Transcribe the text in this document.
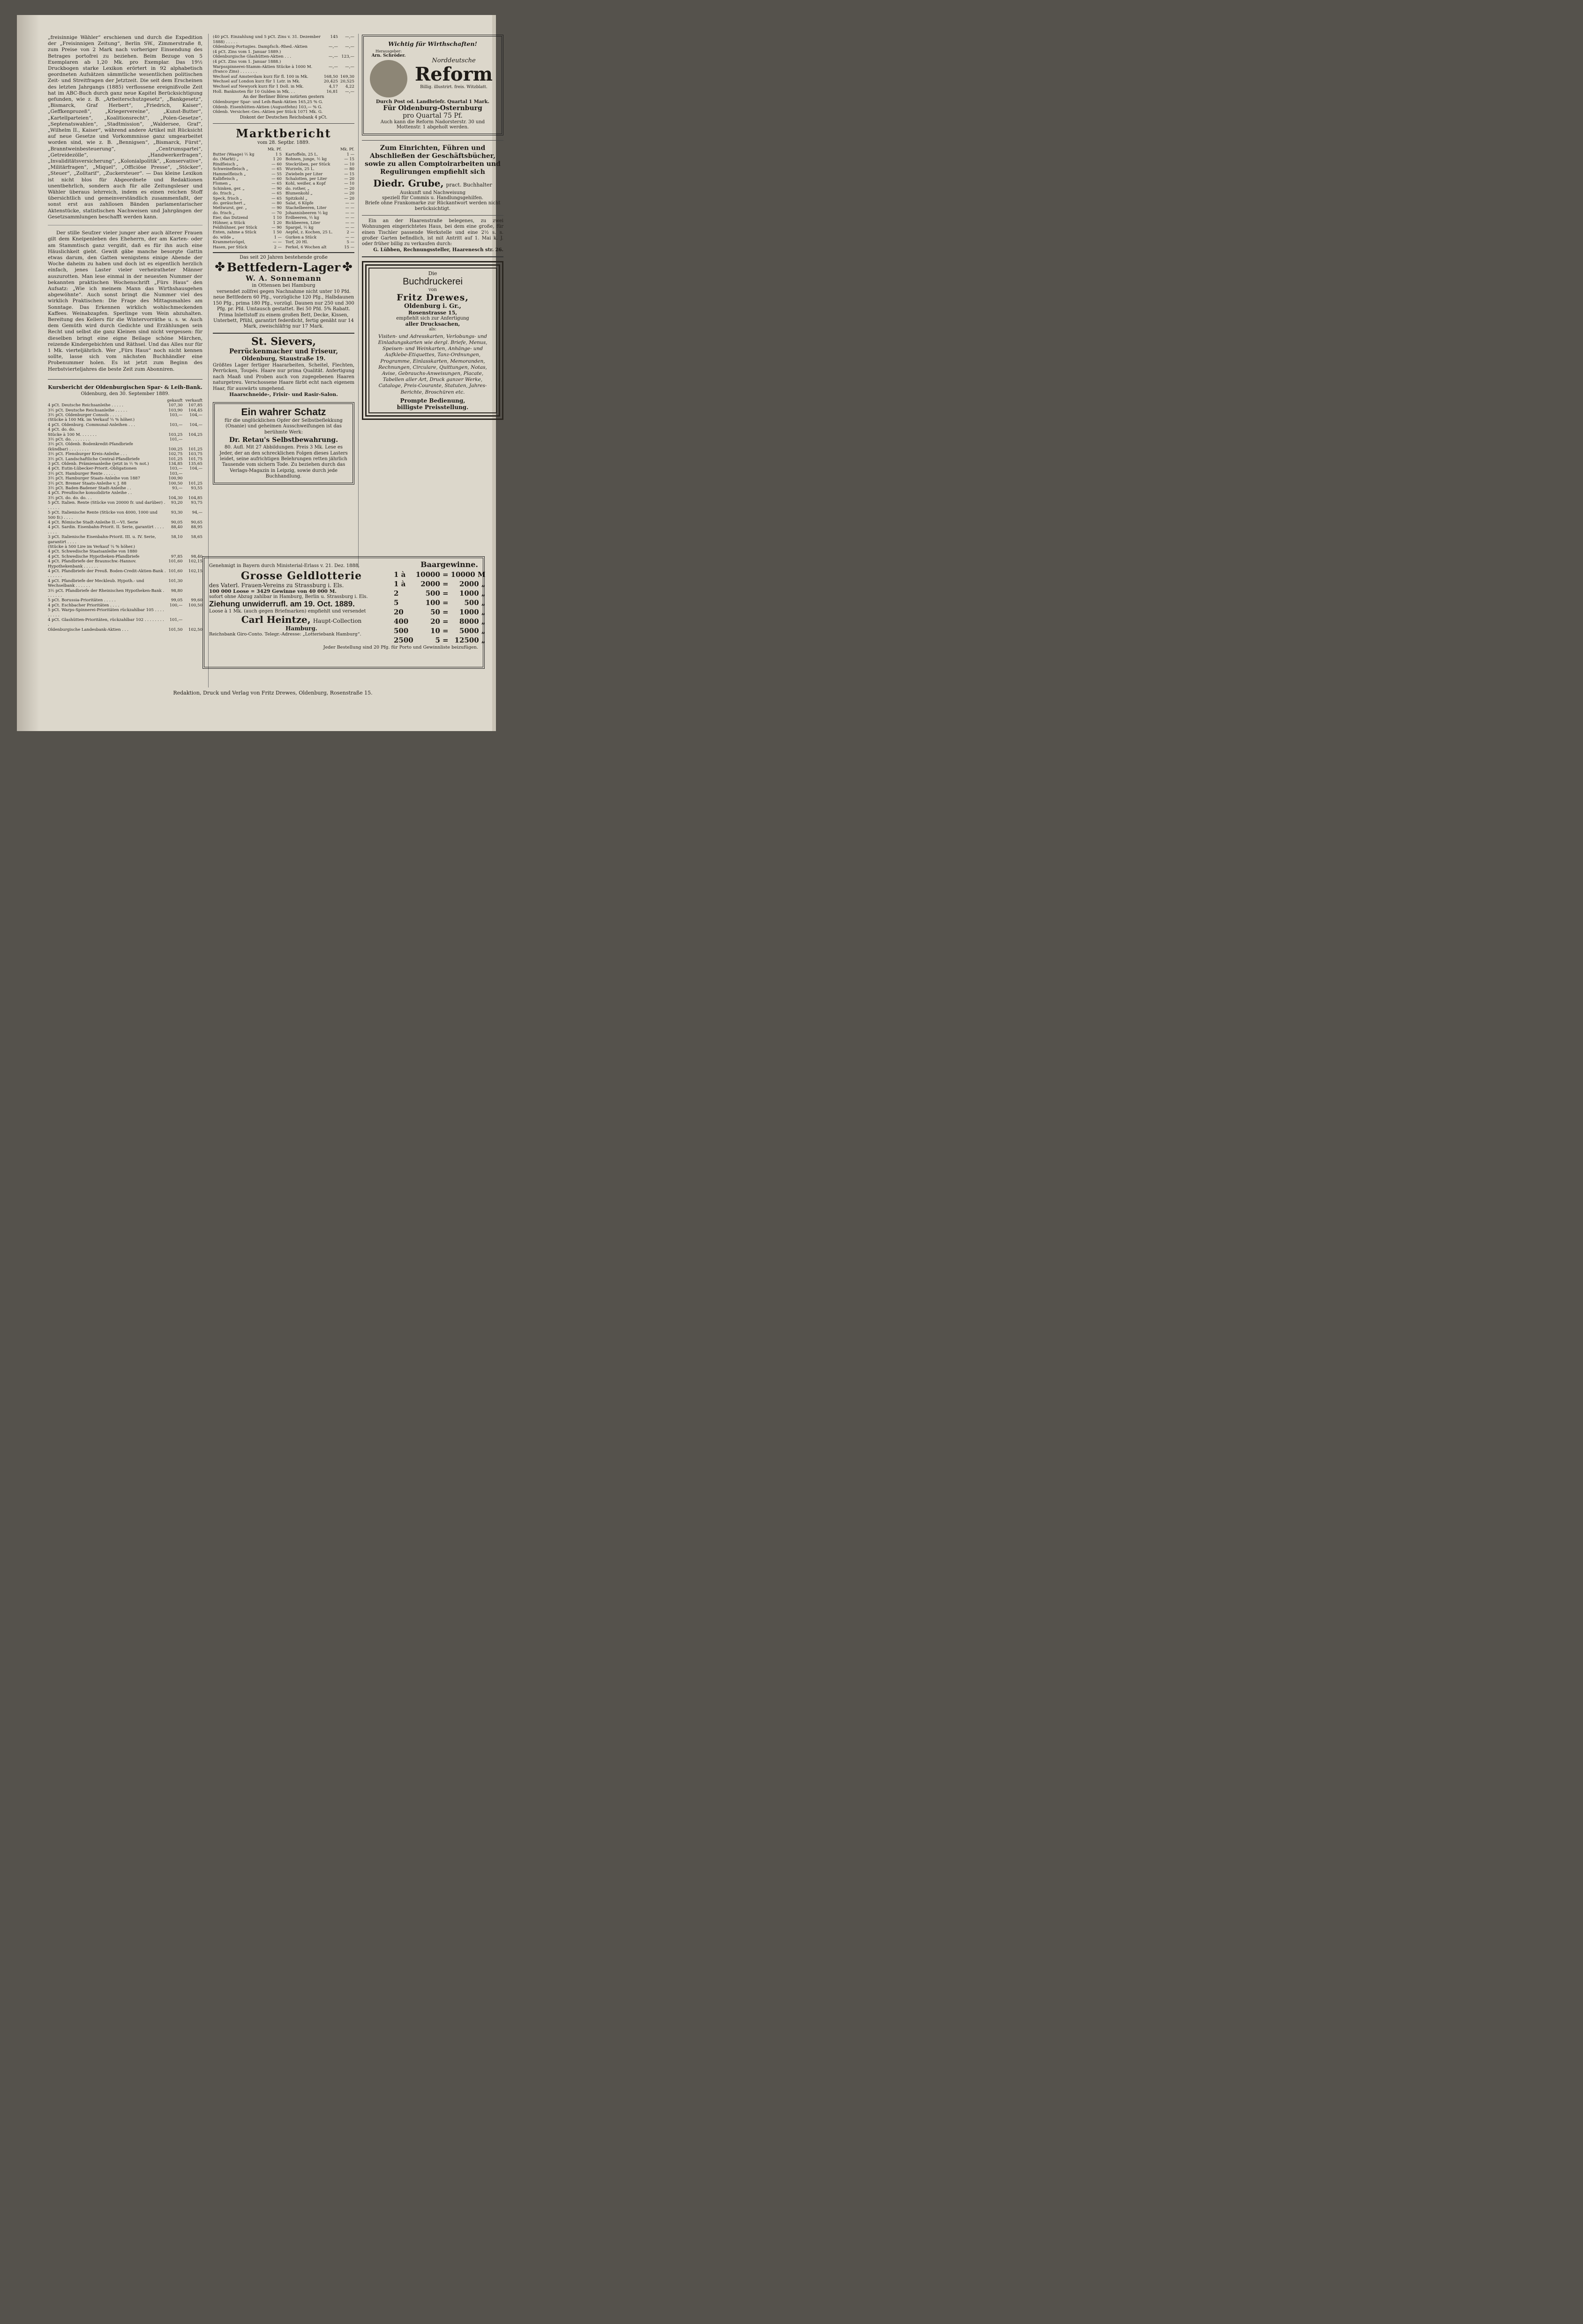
„freisinnige Wähler“ erschienen und durch die Expedition der „Freisinnigen Zeitung“, Berlin SW., Zimmerstraße 8, zum Preise von 2 Mark nach vorheriger Einsendung des Betrages portofrei zu beziehen. Beim Bezuge von 5 Exemplaren ab 1,20 Mk. pro Exemplar. Das 19½ Druckbogen starke Lexikon erörtert in 92 alphabetisch geordneten Aufsätzen sämmtliche wesentlichen politischen Zeit- und Streitfragen der Jetztzeit. Die seit dem Erscheinen des letzten Jahrgangs (1885) verflossene ereignißvolle Zeit hat im ABC-Buch durch ganz neue Kapitel Berücksichtigung gefunden, wie z. B. „Arbeiterschutzgesetz“, „Bankgesetz“, „Bismarck, Graf Herbert“, „Friedrich, Kaiser“, „Geffkenprozeß“, „Kriegervereine“, „Kunst-Butter“, „Kartellparteien“, „Koalitionsrecht“, „Polen-Gesetze“, „Septenatswahlen“, „Stadtmission“, „Waldersee, Graf“, „Wilhelm II., Kaiser“, während andere Artikel mit Rücksicht auf neue Gesetze und Vorkommnisse ganz umgearbeitet worden sind, wie z. B. „Bennigsen“, „Bismarck, Fürst“, „Branntweinbesteuerung“, „Centrumspartei“, „Getreidezölle“, „Handwerkerfragen“, „Invaliditätsversicherung“, „Kolonialpolitik“, „Konservative“, „Militärfragen“, „Miquel“, „Officiöse Presse“, „Stöcker“, „Steuer“, „Zolltarif“, „Zuckersteuer“. — Das kleine Lexikon ist nicht blos für Abgeordnete und Redaktionen unentbehrlich, sondern auch für alle Zeitungsleser und Wähler überaus lehrreich, indem es einen reichen Stoff übersichtlich und gemeinverständlich zusammenfaßt, der sonst erst aus zahllosen Bänden parlamentarischer Aktenstücke, statistischen Nachweisen und Jahrgängen der Gesetzsammlungen beschafft werden kann.

Der stille Seufzer vieler junger aber auch älterer Frauen gilt dem Kneipenleben des Eheherrn, der am Karten- oder am Stammtisch ganz vergißt, daß es für ihn auch eine Häuslichkeit giebt. Gewiß gäbe manche besorgte Gattin etwas darum, den Gatten wenigstens einige Abende der Woche daheim zu haben und doch ist es eigentlich herzlich einfach, jenes Laster vieler verheiratheter Männer auszurotten. Man lese einmal in der neuesten Nummer der bekannten praktischen Wochenschrift „Fürs Haus“ den Aufsatz: „Wie ich meinem Mann das Wirthshausgehen abgewöhnte“. Auch sonst bringt die Nummer viel des wirklich Praktischen: Die Frage des Mittagsmahles am Sonntage. Das Erkennen wirklich wohlschmeckenden Kaffees. Weinabzapfen. Sperlinge vom Wein abzuhalten. Bereitung des Kellers für die Wintervorräthe u. s. w. Auch dem Gemüth wird durch Gedichte und Erzählungen sein Recht und selbst die ganz Kleinen sind nicht vergessen: für dieselben bringt eine eigne Beilage schöne Märchen, reizende Kindergebichten und Räthsel. Und das Alles nur für 1 Mk. vierteljährlich. Wer „Fürs Haus“ noch nicht kennen sollte, lasse sich vom nächsten Buchhändler eine Probenummer holen. Es ist jetzt zum Beginn des Herbstvierteljahres die beste Zeit zum Abonniren.

Kursbericht der Oldenburgischen Spar- & Leih-Bank.

Oldenburg, den 30. September 1889.

	gekauft	verkauft
4 pCt. Deutsche Reichsanleihe . . . . .	107,30	107,85
3½ pCt. Deutsche Reichsanleihe . . . . .	103,90	104,45
3½ pCt. Oldenburger Consols . . . . .	103,—	104,—
(Stücke à 100 Mk. im Verkauf ¼ % höher.)		
4 pCt. Oldenburg. Communal-Anleihen . . .	103,—	104,—
4 pCt. do. do.		
Stücke à 100 M. . . . . . .	103,25	104,25
3½ pCt. do. . . . . . . .	101,—	
3½ pCt. Oldenb. Bodenkredit-Pfandbriefe		
(kündbar) . . . . . . . .	100,25	101,25
3½ pCt. Flensburger Kreis-Anleihe . . .	102,75	103,75
3½ pCt. Landschaftliche Central-Pfandbriefe	101,25	101,75
3 pCt. Oldenb. Prämienanleihe (jetzt in ½ % not.)	134,85	135,65
4 pCt. Eutin-Lübecker-Priorit.-Obligationen	103,—	104,—
3½ pCt. Hamburger Rente . . . . .	103,—	
3½ pCt. Hamburger Staats-Anleihe von 1887	100,90	
3½ pCt. Bremer Staats-Anleihe v. J. 88	100,50	101,25
3½ pCt. Baden-Badener Stadt-Anleihe . .	93,—	93,55
4 pCt. Preußische konsolidirte Anleihe . .		
3½ pCt. do. do. do. . .	104,30	104,85
5 pCt. Italien. Rente (Stücke von 20000 fr. und darüber) . . . . . .	93,20	93,75
5 pCt. Italienische Rente (Stücke von 4000, 1000 und 500 fr.) . . . .	93,30	94,—
4 pCt. Römische Stadt-Anleihe II.—VI. Serie	90,05	90,65
4 pCt. Sardin. Eisenbahn-Priorit. II. Serie, garantirt . . . . . . . .	88,40	88,95
3 pCt. Italienische Eisenbahn-Priorit. III. u. IV. Serie, garantirt . . . .	58,10	58,65
(Stücke à 500 Lire im Verkauf ¼ % höher.)		
4 pCt. Schwedische Staatsanleihe von 1880		
4 pCt. Schwedische Hypotheken-Pfandbriefe	97,85	98,40
4 pCt. Pfandbriefe der Braunschw.-Hannov. Hypothekenbank . . . . . .	101,60	102,15
4 pCt. Pfandbriefe der Preuß. Boden-Credit-Aktien-Bank . . . . . . .	101,60	102,15
4 pCt. Pfandbriefe der Meckleub. Hypoth.- und Wechselbank . . . . . .	101,30	
3½ pCt. Pfandbriefe der Rheinischen Hypotheken-Bank . . . . . . .	98,80	
5 pCt. Borussia-Prioritäten . . . . .	99,05	99,60
4 pCt. Eschbacher Prioritäten . . . .	100,—	100,50
5 pCt. Warps-Spinnerei-Prioritäten rückzahlbar 105 . . . . . . . . .		
4 pCt. Glashütten-Prioritäten, rückzahlbar 102 . . . . . . . . .	101,—	
Oldenburgische Landesbank-Aktien . . .	101,50	102,50
(40 pCt. Einzahlung und 5 pCt. Zins v. 31. Dezember 1888) . . . . .	145	—,—
Oldenburg-Portugies. Dampfsch.-Rhed.-Aktien	—,—	—,—
(4 pCt. Zins vom 1. Januar 1889.)		
Oldenburgische Glashütten-Aktien . . .	—,—	123,—
(4 pCt. Zins vom 1. Januar 1888.)		
Warpsspinnerei-Stamm-Aktien Stücke à 1000 M.	—,—	—,—
(franco Zins) . . . . . . .		
Wechsel auf Amsterdam kurz für fl. 100 in Mk.	168,50	169,30
Wechsel auf London kurz für 1 Lstr. in Mk.	20,425	20,525
Wechsel auf Newyork kurz für 1 Doll. in Mk.	4,17	4,22
Holl. Banknoten für 10 Gulden in Mk. . .	16,81	—,—

An der Berliner Börse notirten gestern

Oldenburger Spar- und Leih-Bank-Aktien 165,25 % G.
Oldenb. Eisenhütten-Aktien (Augustfehn) 103,— % G.
Oldenb. Versicher.-Ges.-Aktien per Stück 1071 Mk. G.

Diskont der Deutschen Reichsbank 4 pCt.

Marktbericht

vom 28. Septbr. 1889.

Mk. Pf.
Butter (Waage) ½ kg	1 5
do. (Markt) „	1 20
Rindfleisch „	— 60
Schweinefleisch „	— 65
Hammelfleisch „	— 55
Kalbfleisch „	— 60
Flomen „	— 65
Schinken, ger. „	— 90
do. frisch „	— 65
Speck, frisch „	— 65
do. geräuchert „	— 80
Mettwurst, ger. „	— 90
do. frisch „	— 70
Eier, das Dutzend	1 10
Hühner, a Stück	1 20
Feldhühner, per Stück	— 90
Enten, zahme a Stück	1 50
do. wilde „	1 —
Krammetsvögel,	— —
Hasen, per Stück	2 —
Mk. Pf.
Kartoffeln, 25 L.	1 —
Bohnen, junge, ½ kg	— 15
Steckrüben, per Stück	— 10
Wurzeln, 25 L.	— 80
Zwiebeln per Liter	— 15
Schalotten, per Liter	— 20
Kohl, weißer, a Kopf	— 10
do. rother, „	— 20
Blumenkohl „	— 20
Spitzkohl „	— 20
Salat, 6 Köpfe	— —
Stachelbeeren, Liter	— —
Johannisbeeren ½ kg	— —
Erdbeeren, ½ kg	— —
Bickbeeren, Liter	— —
Spargel, ½ kg	— —
Aepfel, z. Kochen, 25 L.	2 —
Gurken a Stück	— —
Torf, 20 Hl.	5 —
Ferkel, 6 Wochen alt	15 —

Das seit 20 Jahren bestehende große

✤ Bettfedern-Lager ✤

W. A. Sonnemann

in Ottensen bei Hamburg

versendet zollfrei gegen Nachnahme nicht unter 10 Pfd. neue Bettfedern 60 Pfg., vorzügliche 120 Pfg., Halbdaunen 150 Pfg., prima 180 Pfg., vorzügl. Daunen nur 250 und 300 Pfg. pr. Pfd. Umtausch gestattet. Bei 50 Pfd. 5% Rabatt. Prima Inlettstoff zu einem großen Bett, Decke, Kissen, Unterbett, Pfühl, garantirt federdicht, fertig genäht nur 14 Mark, zweischläfrig nur 17 Mark.

St. Sievers,

Perrückenmacher und Friseur,

Oldenburg, Staustraße 19.

Größtes Lager fertiger Haararbeiten, Scheitel, Flechten, Perrücken, Toupés. Haare nur prima Qualität. Anfertigung nach Maaß und Proben auch von zugegebenen Haaren naturgetreu. Verschossene Haare färbt echt nach eigenem Haar, für auswärts umgehend.

Haarschneide-, Frisir- und Rasir-Salon.

Ein wahrer Schatz

für die unglücklichen Opfer der Selbstbeflekkung (Onanie) und geheimen Ausschweifungen ist das berühmte Werk:

Dr. Retau's Selbstbewahrung.

80. Aufl. Mit 27 Abbildungen. Preis 3 Mk. Lese es Jeder, der an den schrecklichen Folgen dieses Lasters leidet, seine aufrichtigen Belehrungen retten jährlich Tausende vom sichern Tode. Zu beziehen durch das Verlags-Magazin in Leipzig, sowie durch jede Buchhandlung.

Wichtig für Wirthschaften!

Herausgeber:
Arn. Schröder.
Norddeutsche
Reform
Billig. illustrirt. freis. Witzblatt.

Durch Post od. Landbriefr. Quartal 1 Mark.

Für Oldenburg-Osternburg

pro Quartal 75 Pf.

Auch kann die Reform Nadorsterstr. 30 und Mottenstr. 1 abgeholt werden.

Zum Einrichten, Führen und Abschließen der Geschäftsbücher, sowie zu allen Comptoirarbeiten und Regulirungen empfiehlt sich

Diedr. Grube, pract. Buchhalter

Auskunft und Nachweisung

speziell für Commis u. Handlungsgehilfen.

Briefe ohne Frankomarke zur Rückantwort werden nicht berücksichtigt.

Ein an der Haarenstraße belegenes, zu zwei Wohnungen eingerichtetes Haus, bei dem eine große, für einen Tischler passende Werkstelle und eine 2½ s. s. großer Garten befindlich, ist mit Antritt auf 1. Mai k. J. oder früher billig zu verkaufen durch:

G. Lübben, Rechnungssteller, Haarenesch str. 26.

Die

Buchdruckerei

von

Fritz Drewes,

Oldenburg i. Gr.,

Rosenstrasse 15,

empfiehlt sich zur Anfertigung

aller Drucksachen,

als:

Visiten- und Adresskarten, Verlobungs- und Einladungskarten wie dergl. Briefe, Menus, Speisen- und Weinkarten, Anhänge- und Aufklebe-Etiquettes, Tanz-Ordnungen, Programme, Einlasskarten, Memoranden, Rechnungen, Circulare, Quittungen, Notas, Avise, Gebrauchs-Anweisungen, Placate, Tabellen aller Art, Druck ganzer Werke, Cataloge, Preis-Courante, Statuten, Jahres-Berichte, Broschüren etc.

Prompte Bedienung,

billigste Preisstellung.

Genehmigt in Bayern durch Ministerial-Erlass v. 21. Dez. 1888.	Baargewinne.

Grosse Geldlotterie

des Vaterl. Frauen-Vereins zu Strassburg i. Els.

100 000 Loose = 3429 Gewinne von 40 000 M.

sofort ohne Abzug zahlbar in Hamburg, Berlin u. Strassburg i. Els.

Ziehung unwiderrufl. am 19. Oct. 1889.

Loose à 1 Mk. (auch gegen Briefmarken) empfiehlt und versendet

Carl Heintze, Haupt-Collection

Hamburg.

Reichsbank Giro-Conto. Telegr.-Adresse: „Lotteriebank Hamburg“.

1 à	10000	=	10000 M
1 à	2000	=	2000 „
2	500	=	1000 „
5	100	=	500 „
20	50	=	1000 „
400	20	=	8000 „
500	10	=	5000 „
2500	5	=	12500 „

Jeder Bestellung sind 20 Pfg. für Porto und Gewinnliste beizufügen.

Redaktion, Druck und Verlag von Fritz Drewes, Oldenburg, Rosenstraße 15.
